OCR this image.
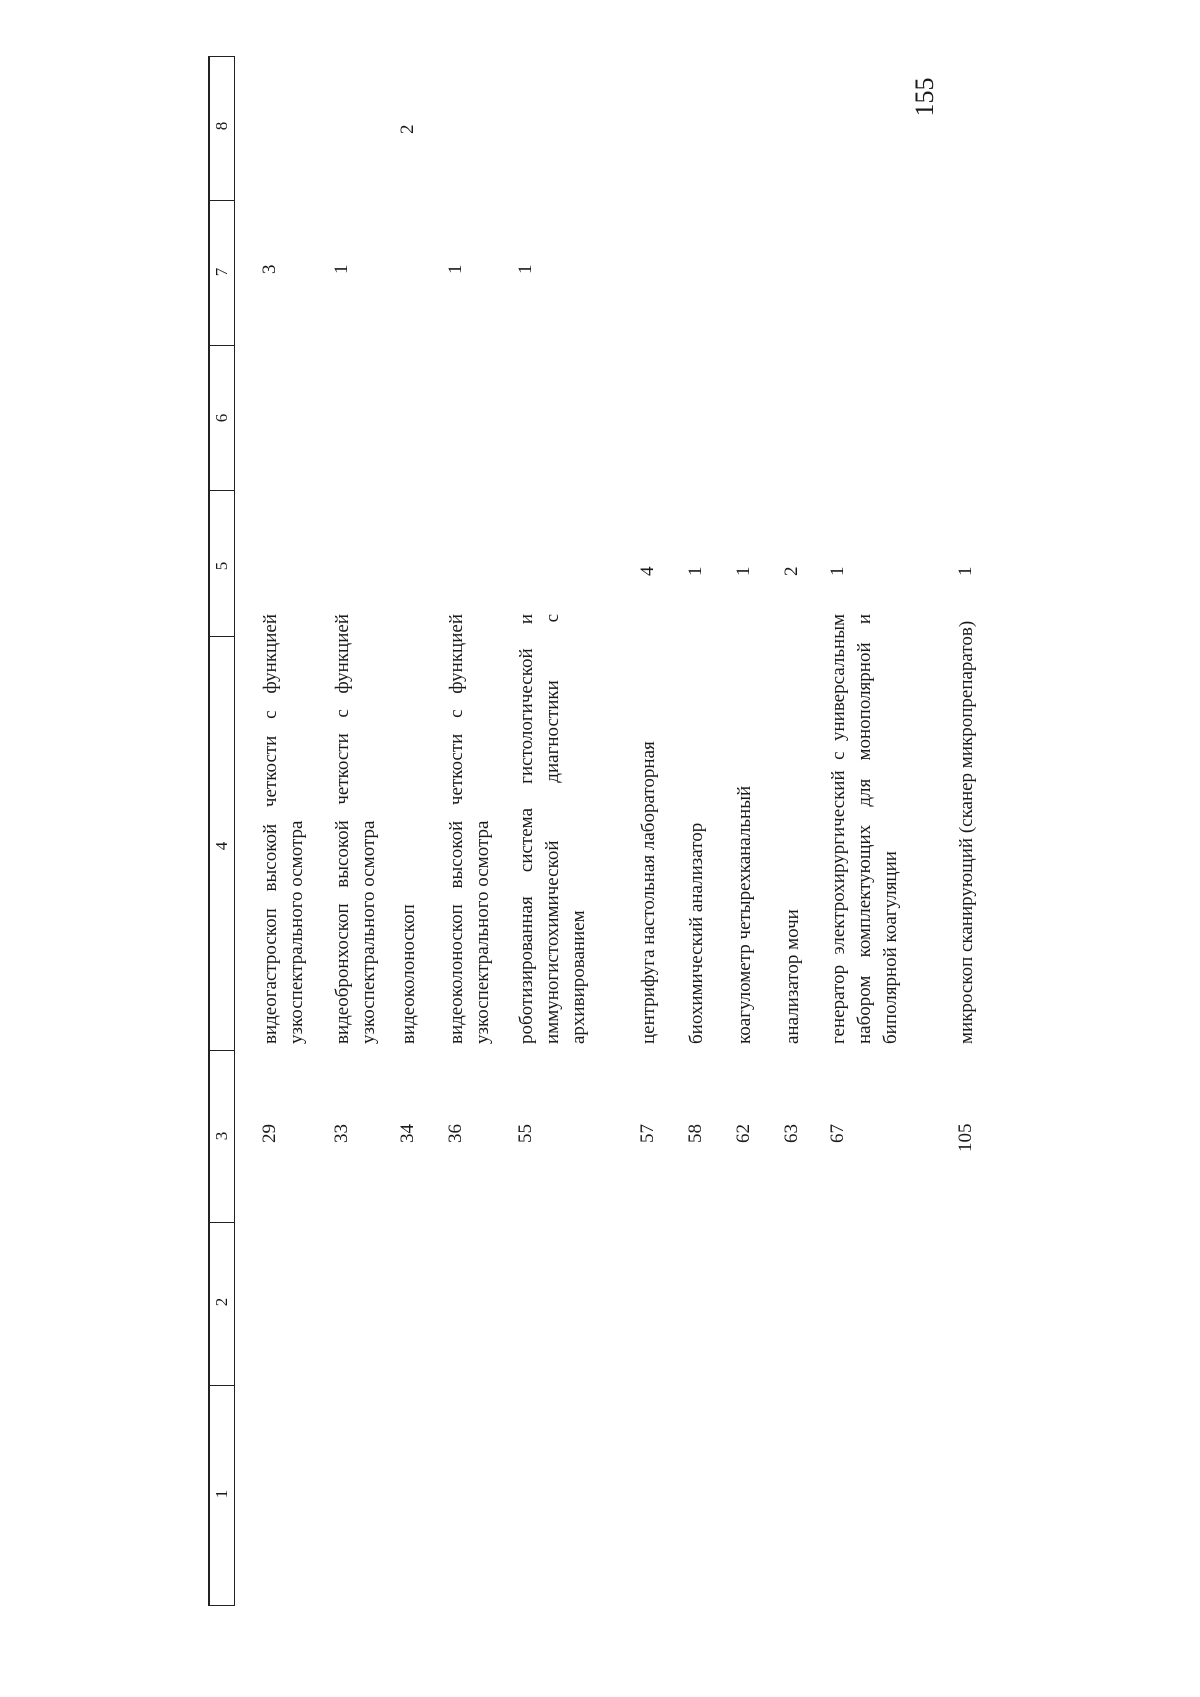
155
8
7
6
5
4
3
2
1
29
видеогастроскоп высокой четкости с функцией узкоспектрального осмотра
3
33
видеобронхоскоп высокой четкости с функцией узкоспектрального осмотра
1
34
видеоколоноскоп
2
36
видеоколоноскоп высокой четкости с функцией узкоспектрального осмотра
1
55
роботизированная система гистологической и иммуногистохимической диагностики с архивированием
1
57
центрифуга настольная лабораторная
4
58
биохимический анализатор
1
62
коагулометр четырехканальный
1
63
анализатор мочи
2
67
генератор электрохирургический с универсальным набором комплектующих для монополярной и биполярной коагуляции
1
105
микроскоп сканирующий (сканер микропрепаратов)
1
